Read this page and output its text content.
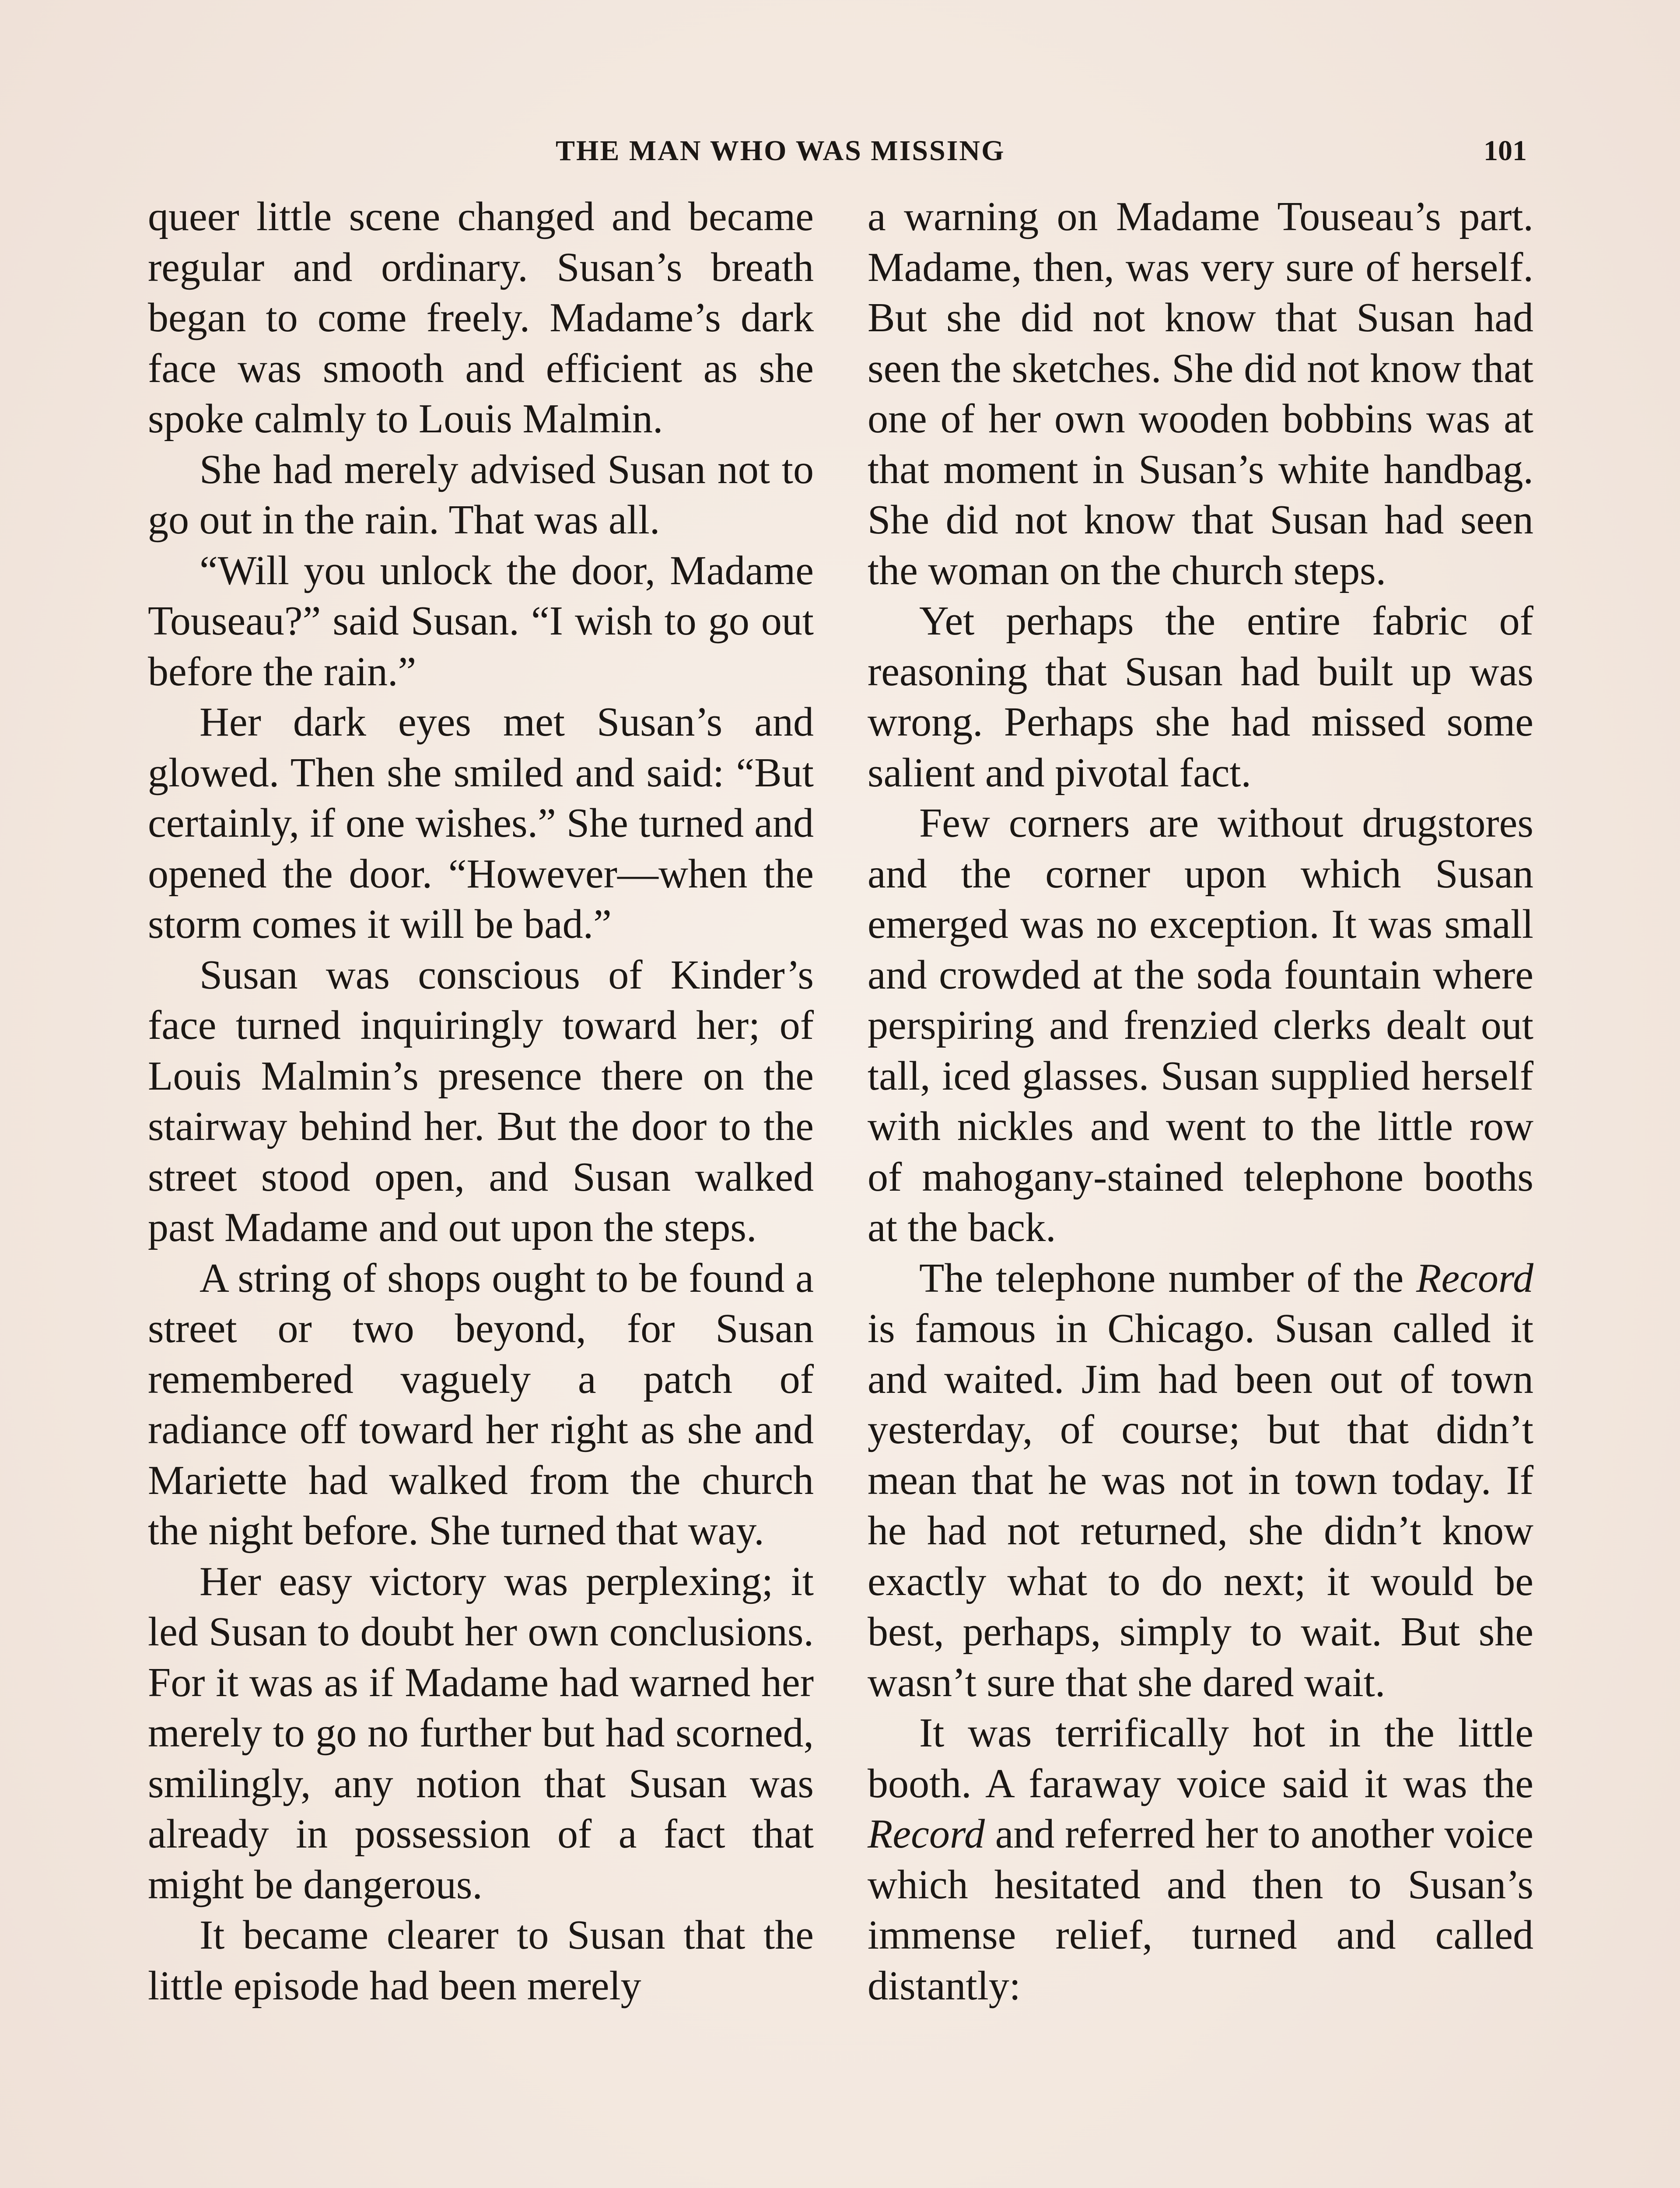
THE MAN WHO WAS MISSING	101

queer little scene changed and became regular and ordinary. Susan’s breath began to come freely. Madame’s dark face was smooth and efficient as she spoke calmly to Louis Malmin.

She had merely advised Susan not to go out in the rain. That was all.

“Will you unlock the door, Madame Touseau?” said Susan. “I wish to go out before the rain.”

Her dark eyes met Susan’s and glowed. Then she smiled and said: “But certainly, if one wishes.” She turned and opened the door. “However—when the storm comes it will be bad.”

Susan was conscious of Kinder’s face turned inquiringly toward her; of Louis Malmin’s presence there on the stairway behind her. But the door to the street stood open, and Susan walked past Madame and out upon the steps.

A string of shops ought to be found a street or two beyond, for Susan remembered vaguely a patch of radiance off toward her right as she and Mariette had walked from the church the night before. She turned that way.

Her easy victory was perplexing; it led Susan to doubt her own conclusions. For it was as if Madame had warned her merely to go no further but had scorned, smilingly, any notion that Susan was already in possession of a fact that might be dangerous.

It became clearer to Susan that the little episode had been merely

a warning on Madame Touseau’s part. Madame, then, was very sure of herself. But she did not know that Susan had seen the sketches. She did not know that one of her own wooden bobbins was at that moment in Susan’s white handbag. She did not know that Susan had seen the woman on the church steps.

Yet perhaps the entire fabric of reasoning that Susan had built up was wrong. Perhaps she had missed some salient and pivotal fact.

Few corners are without drugstores and the corner upon which Susan emerged was no exception. It was small and crowded at the soda fountain where perspiring and frenzied clerks dealt out tall, iced glasses. Susan supplied herself with nickles and went to the little row of mahogany-stained telephone booths at the back.

The telephone number of the Record is famous in Chicago. Susan called it and waited. Jim had been out of town yesterday, of course; but that didn’t mean that he was not in town today. If he had not returned, she didn’t know exactly what to do next; it would be best, perhaps, simply to wait. But she wasn’t sure that she dared wait.

It was terrifically hot in the little booth. A faraway voice said it was the Record and referred her to another voice which hesitated and then to Susan’s immense relief, turned and called distantly:
